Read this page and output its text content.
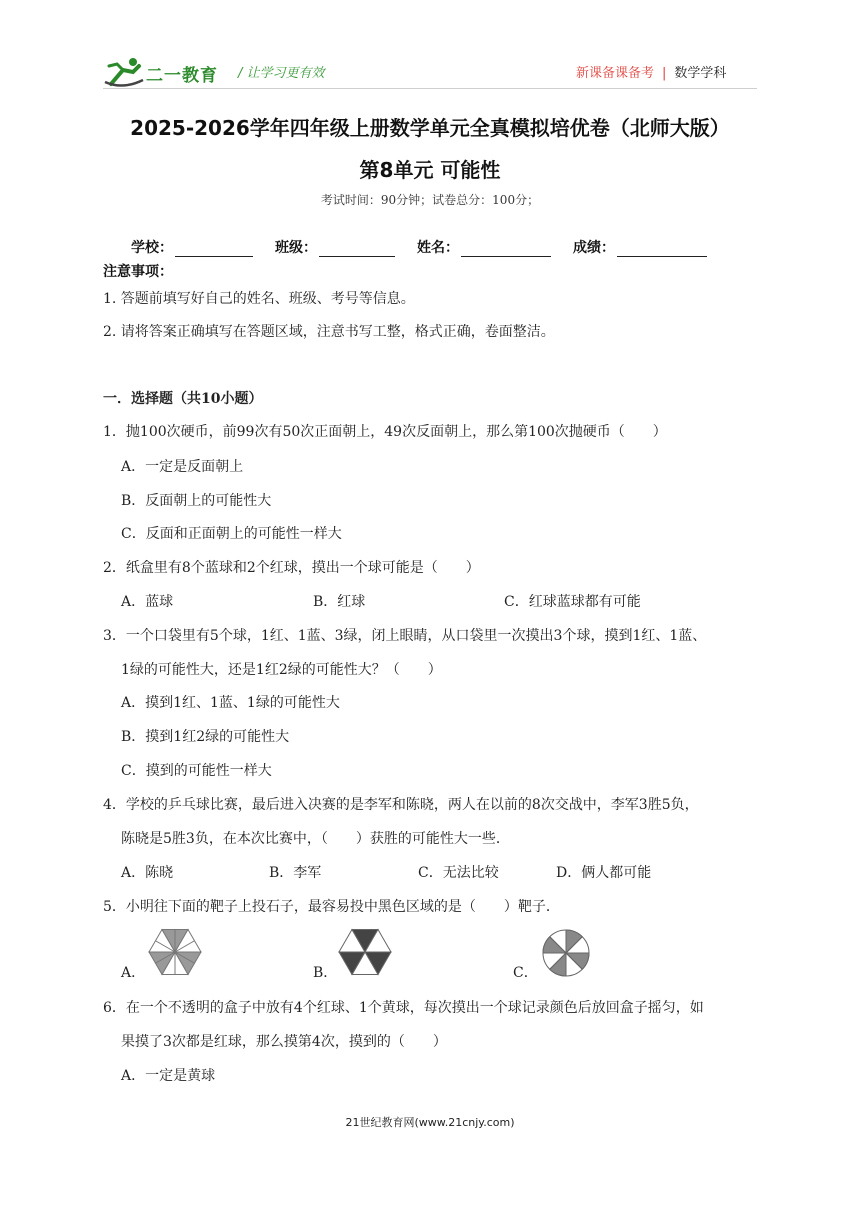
二一教育 / 让学习更有效	新课备课备考 | 数学学科
2025-2026学年四年级上册数学单元全真模拟培优卷（北师大版）
第8单元 可能性
考试时间：90分钟；试卷总分：100分；
学校：	班级：	姓名：	成绩：
注意事项：
1. 答题前填写好自己的姓名、班级、考号等信息。
2. 请将答案正确填写在答题区域，注意书写工整，格式正确，卷面整洁。
一．选择题（共10小题）
1．抛100次硬币，前99次有50次正面朝上，49次反面朝上，那么第100次抛硬币（　　）
A．一定是反面朝上
B．反面朝上的可能性大
C．反面和正面朝上的可能性一样大
2．纸盒里有8个蓝球和2个红球，摸出一个球可能是（　　）
A．蓝球	B．红球	C．红球蓝球都有可能
3．一个口袋里有5个球，1红、1蓝、3绿，闭上眼睛，从口袋里一次摸出3个球，摸到1红、1蓝、
1绿的可能性大，还是1红2绿的可能性大？（　　）
A．摸到1红、1蓝、1绿的可能性大
B．摸到1红2绿的可能性大
C．摸到的可能性一样大
4．学校的乒乓球比赛，最后进入决赛的是李军和陈晓，两人在以前的8次交战中，李军3胜5负，
陈晓是5胜3负，在本次比赛中，（　　）获胜的可能性大一些．
A．陈晓	B．李军	C．无法比较	D．俩人都可能
5．小明往下面的靶子上投石子，最容易投中黑色区域的是（　　）靶子．
A．	B．	C．
6．在一个不透明的盒子中放有4个红球、1个黄球，每次摸出一个球记录颜色后放回盒子摇匀，如
果摸了3次都是红球，那么摸第4次，摸到的（　　）
A．一定是黄球
21世纪教育网(www.21cnjy.com)
